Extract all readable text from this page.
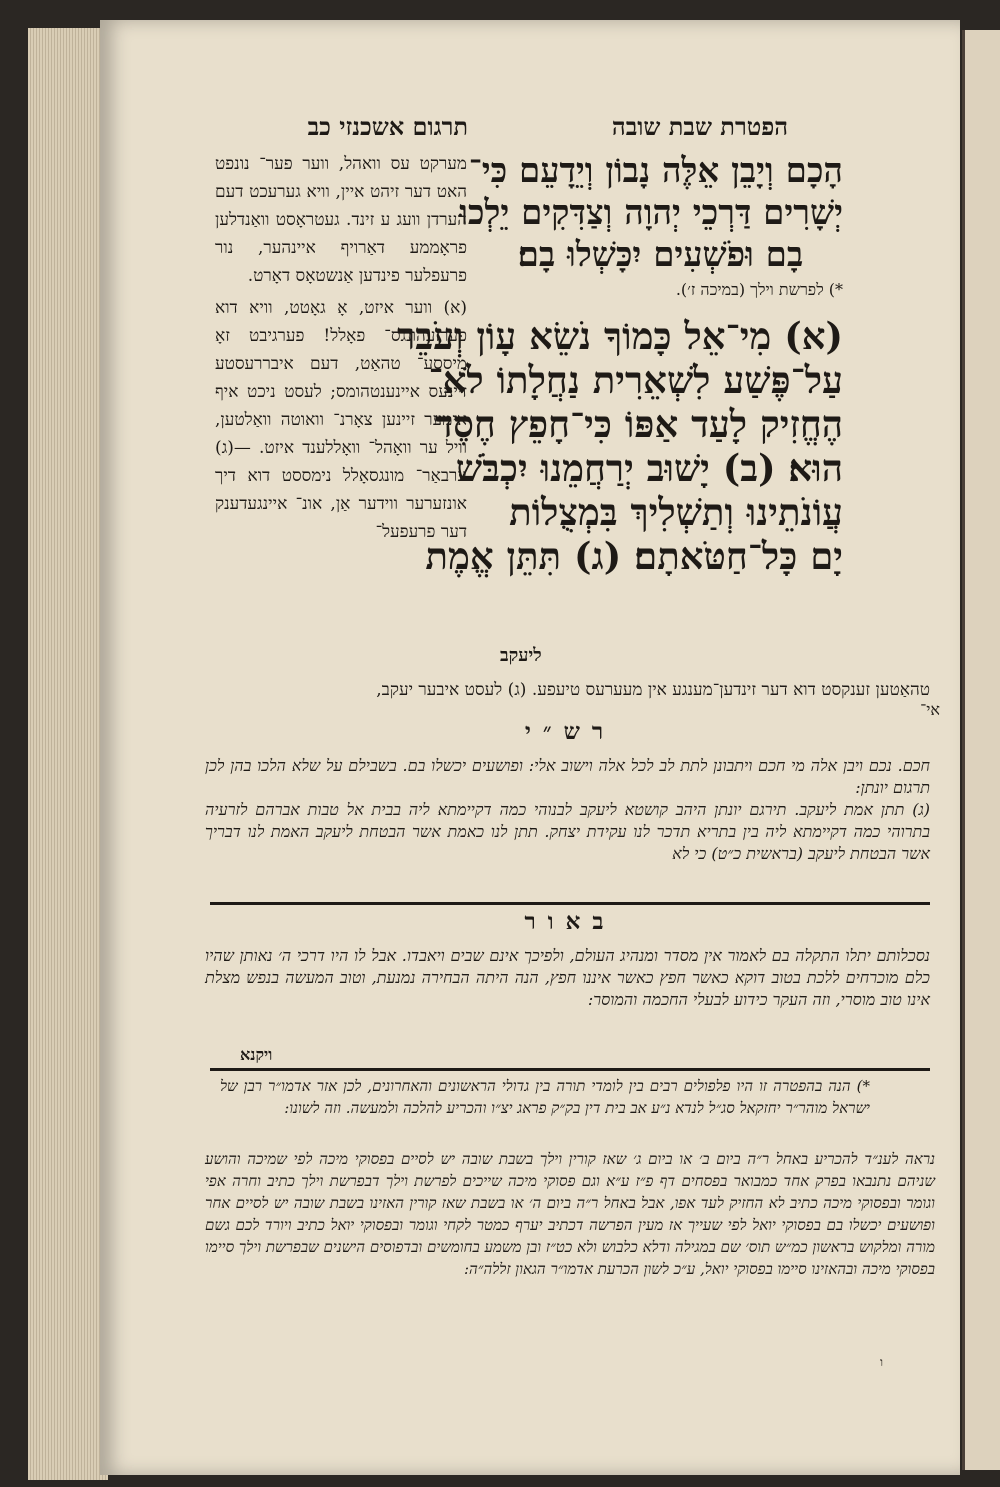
תרגום אשכנזי כב	הפטרת שבת שובה

מערקט עס וואהל, ווער פער־ נונפט האט דער זיהט איין, וויא גערעכט דעם הערדן וועג ע זינד. געטראָסט וואַנדלען פראָממע דאַרויף איינהער, נור פרעפלער פינדען אַנשטאָס דאָרט.

(א) ווער איזט, אָ גאָטט, וויא דוא פערזעהונגס־ פאָלל! פערגיבט זאָ מיססע־ טהאַט, דעם איבררעסטע זיינעס איינענטהומס; לעסט ניכט איף אימער זיינען צאָרנ־ וואוטה וואַלטען, וויל ער וואָהל־ וואָללענד איזט. —(ג) ערבאַר־ מונגסאָלל נימססט דוא דיך אונזערער ווידער אַן, אונ־ איינגעדענק דער פרעפעל־

הָכָם וְיָבֵן אֵלֶּה נָבוֹן וְיֵדָעֵם כִּי־
יְשָׁרִים דַּרְכֵי יְהוָה וְצַדִּקִים יֵלְכוּ
בָם וּפֹשְׁעִים יִכָּשְׁלוּ בָם׃
*) לפרשת וילך (במיכה ז׳).
(א) מִי־אֵל כָּמוֹךָ נֹשֵׂא עָוֹן וְעֹבֵר
עַל־פֶּשַׁע לִשְׁאֵרִית נַחֲלָתוֹ לֹא־
הֶחֱזִיק לָעַד אַפּוֹ כִּי־חָפֵץ חֶסֶד
הוּא׃ (ב) יָשׁוּב יְרַחֲמֵנוּ יִכְבֹּשׁ
עֲוֹנֹתֵינוּ וְתַשְׁלִיךְ בִּמְצֻלוֹת
יָם כָּל־חַטֹּאתָם׃ (ג) תִּתֵּן אֱמֶת
ליעקב
טהאַטען זענקסט דוא דער זינדען־מענגע אין מעערעס טיעפע. (ג) לעסט איבער יעקב,
אי־
רש״י

חכם. נכם ויבן אלה מי חכם ויתבונן לתת לב לכל אלה וישוב אלי: ופושעים יכשלו בם. בשבילם על שלא הלכו בהן לכן תרגום יונתן:

(ג) תתן אמת ליעקב. תירגם יונתן היהב קושטא ליעקב לבנוהי כמה דקיימתא ליה בבית אל טבות אברהם לזרעיה בתרוהי כמה דקיימתא ליה בין בתריא תדכר לנו עקידת יצחק. תתן לנו כאמת אשר הבטחת ליעקב האמת לנו דבריך אשר הבטחת ליעקב (בראשית כ״ט) כי לא

באור

נסכלותם יתלו התקלה בם לאמור אין מסדר ומנהיג העולם, ולפיכך אינם שבים ויאבדו. אבל לו היו דרכי ה׳ נאותן שהיו כלם מוכרחים ללכת בטוב דוקא כאשר חפץ כאשר איננו חפץ, הנה היתה הבחירה נמנעת, וטוב המעשה בנפש מצלת אינו טוב מוסרי, וזה העקר כידוע לבעלי החכמה והמוסר:

ויקנא

*) הנה בהפטרה זו היו פלפולים רבים בין לומדי תורה בין גדולי הראשונים והאחרונים, לכן אזר אדמו״ר רבן של ישראל מוהר״ר יחזקאל סג״ל לנדא נ״ע אב בית דין בק״ק פראג יצ״ו והכריע להלכה ולמעשה. וזה לשונו:

נראה לענ״ד להכריע באחל ר״ה ביום ב׳ או ביום ג׳ שאז קורין וילך בשבת שובה יש לסיים בפסוקי מיכה לפי שמיכה והושע שניהם נתנבאו בפרק אחד כמבואר בפסחים דף פ״ז ע״א וגם פסוקי מיכה שייכים לפרשת וילך דבפרשת וילך כתיב וחרה אפי וגומר ובפסוקי מיכה כתיב לא החזיק לעד אפו, אבל באחל ר״ה ביום ה׳ או בשבת שאז קורין האזינו בשבת שובה יש לסיים אחר ופושעים יכשלו בם בפסוקי יואל לפי שעייך אז מעין הפרשה דכתיב יערף כמטר לקחי וגומר ובפסוקי יואל כתיב ויורד לכם גשם מורה ומלקוש בראשון כמ״ש תוס׳ שם במגילה ודלא כלבוש ולא כט״ז ובן משמע בחומשים ובדפוסים הישנים שבפרשת וילך סיימו בפסוקי מיכה ובהאזינו סיימו בפסוקי יואל, ע״כ לשון הכרעת אדמו״ר הגאון זללה״ה:

ו
